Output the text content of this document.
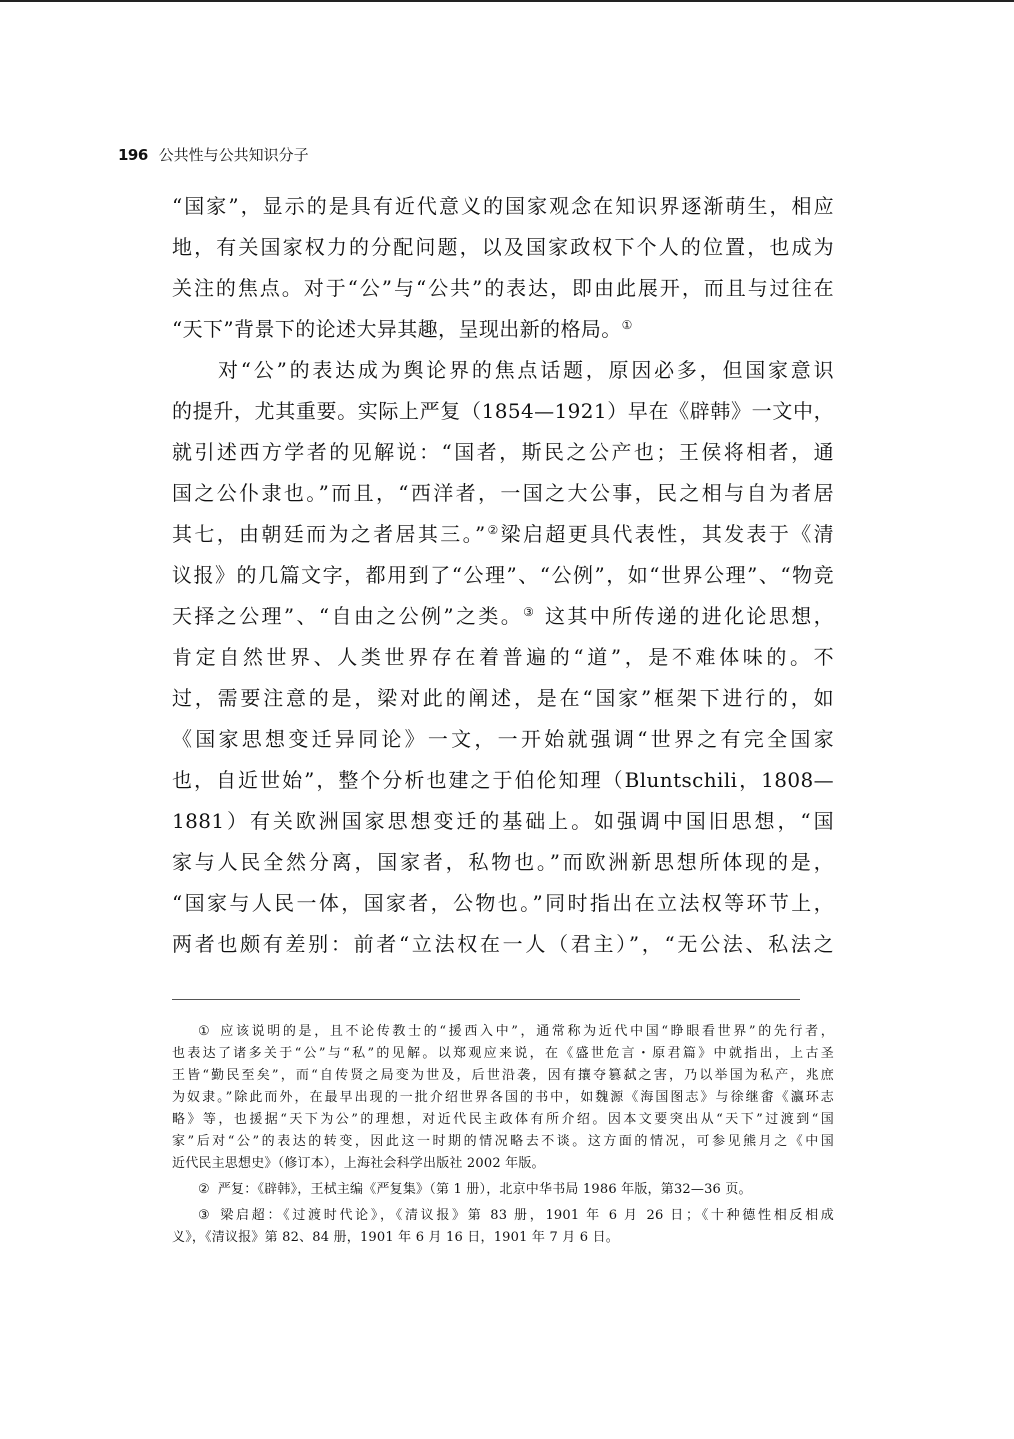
196 公共性与公共知识分子
“国家”，显示的是具有近代意义的国家观念在知识界逐渐萌生，相应
地，有关国家权力的分配问题，以及国家政权下个人的位置，也成为
关注的焦点。对于“公”与“公共”的表达，即由此展开，而且与过往在
“天下”背景下的论述大异其趣，呈现出新的格局。①
对“公”的表达成为舆论界的焦点话题，原因必多，但国家意识
的提升，尤其重要。实际上严复（1854—1921）早在《辟韩》一文中，
就引述西方学者的见解说：“国者，斯民之公产也；王侯将相者，通
国之公仆隶也。”而且，“西洋者，一国之大公事，民之相与自为者居
其七，由朝廷而为之者居其三。”②梁启超更具代表性，其发表于《清
议报》的几篇文字，都用到了“公理”、“公例”，如“世界公理”、“物竞
天择之公理”、“自由之公例”之类。③ 这其中所传递的进化论思想，
肯定自然世界、人类世界存在着普遍的“道”，是不难体味的。不
过，需要注意的是，梁对此的阐述，是在“国家”框架下进行的，如
《国家思想变迁异同论》一文，一开始就强调“世界之有完全国家
也，自近世始”，整个分析也建之于伯伦知理（Bluntschili，1808—
1881）有关欧洲国家思想变迁的基础上。如强调中国旧思想，“国
家与人民全然分离，国家者，私物也。”而欧洲新思想所体现的是，
“国家与人民一体，国家者，公物也。”同时指出在立法权等环节上，
两者也颇有差别：前者“立法权在一人（君主）”，“无公法、私法之
① 应该说明的是，且不论传教士的“援西入中”，通常称为近代中国“睁眼看世界”的先行者，
也表达了诸多关于“公”与“私”的见解。以郑观应来说，在《盛世危言・原君篇》中就指出，上古圣
王皆“勤民至矣”，而“自传贤之局变为世及，后世沿袭，因有攘夺篡弑之害，乃以举国为私产，兆庶
为奴隶。”除此而外，在最早出现的一批介绍世界各国的书中，如魏源《海国图志》与徐继畬《瀛环志
略》等，也援据“天下为公”的理想，对近代民主政体有所介绍。因本文要突出从“天下”过渡到“国
家”后对“公”的表达的转变，因此这一时期的情况略去不谈。这方面的情况，可参见熊月之《中国
近代民主思想史》（修订本），上海社会科学出版社 2002 年版。
② 严复：《辟韩》，王栻主编《严复集》（第 1 册），北京中华书局 1986 年版，第32—36 页。
③ 梁启超：《过渡时代论》，《清议报》第 83 册，1901 年 6 月 26 日；《十种德性相反相成
义》，《清议报》第 82、84 册，1901 年 6 月 16 日，1901 年 7 月 6 日。
